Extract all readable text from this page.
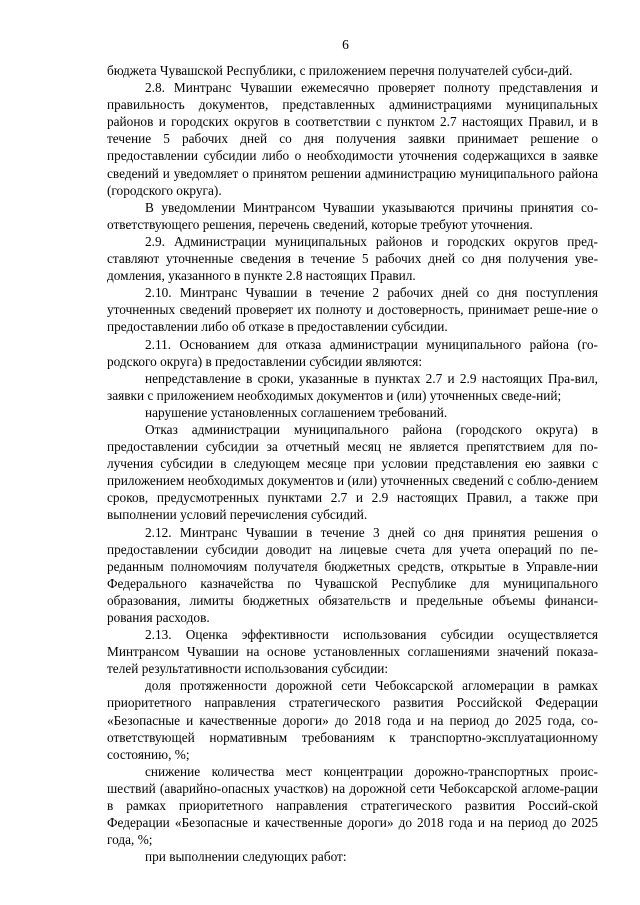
6

бюджета Чувашской Республики, с приложением перечня получателей субси-дий.

2.8. Минтранс Чувашии ежемесячно проверяет полноту представления и правильность документов, представленных администрациями муниципальных районов и городских округов в соответствии с пунктом 2.7 настоящих Правил, и в течение 5 рабочих дней со дня получения заявки принимает решение о предоставлении субсидии либо о необходимости уточнения содержащихся в заявке сведений и уведомляет о принятом решении администрацию муниципального района (городского округа).

В уведомлении Минтрансом Чувашии указываются причины принятия со-ответствующего решения, перечень сведений, которые требуют уточнения.

2.9. Администрации муниципальных районов и городских округов пред-ставляют уточненные сведения в течение 5 рабочих дней со дня получения уве-домления, указанного в пункте 2.8 настоящих Правил.

2.10. Минтранс Чувашии в течение 2 рабочих дней со дня поступления уточненных сведений проверяет их полноту и достоверность, принимает реше-ние о предоставлении либо об отказе в предоставлении субсидии.

2.11. Основанием для отказа администрации муниципального района (го-родского округа) в предоставлении субсидии являются:

непредставление в сроки, указанные в пунктах 2.7 и 2.9 настоящих Пра-вил, заявки с приложением необходимых документов и (или) уточненных сведе-ний;

нарушение установленных соглашением требований.

Отказ администрации муниципального района (городского округа) в предоставлении субсидии за отчетный месяц не является препятствием для по-лучения субсидии в следующем месяце при условии представления ею заявки с приложением необходимых документов и (или) уточненных сведений с соблю-дением сроков, предусмотренных пунктами 2.7 и 2.9 настоящих Правил, а также при выполнении условий перечисления субсидий.

2.12. Минтранс Чувашии в течение 3 дней со дня принятия решения о предоставлении субсидии доводит на лицевые счета для учета операций по пе-реданным полномочиям получателя бюджетных средств, открытые в Управле-нии Федерального казначейства по Чувашской Республике для муниципального образования, лимиты бюджетных обязательств и предельные объемы финанси-рования расходов.

2.13. Оценка эффективности использования субсидии осуществляется Минтрансом Чувашии на основе установленных соглашениями значений показа-телей результативности использования субсидии:

доля протяженности дорожной сети Чебоксарской агломерации в рамках приоритетного направления стратегического развития Российской Федерации «Безопасные и качественные дороги» до 2018 года и на период до 2025 года, со-ответствующей нормативным требованиям к транспортно-эксплуатационному состоянию, %;

снижение количества мест концентрации дорожно-транспортных проис-шествий (аварийно-опасных участков) на дорожной сети Чебоксарской агломе-рации в рамках приоритетного направления стратегического развития Россий-ской Федерации «Безопасные и качественные дороги» до 2018 года и на период до 2025 года, %;

при выполнении следующих работ:
